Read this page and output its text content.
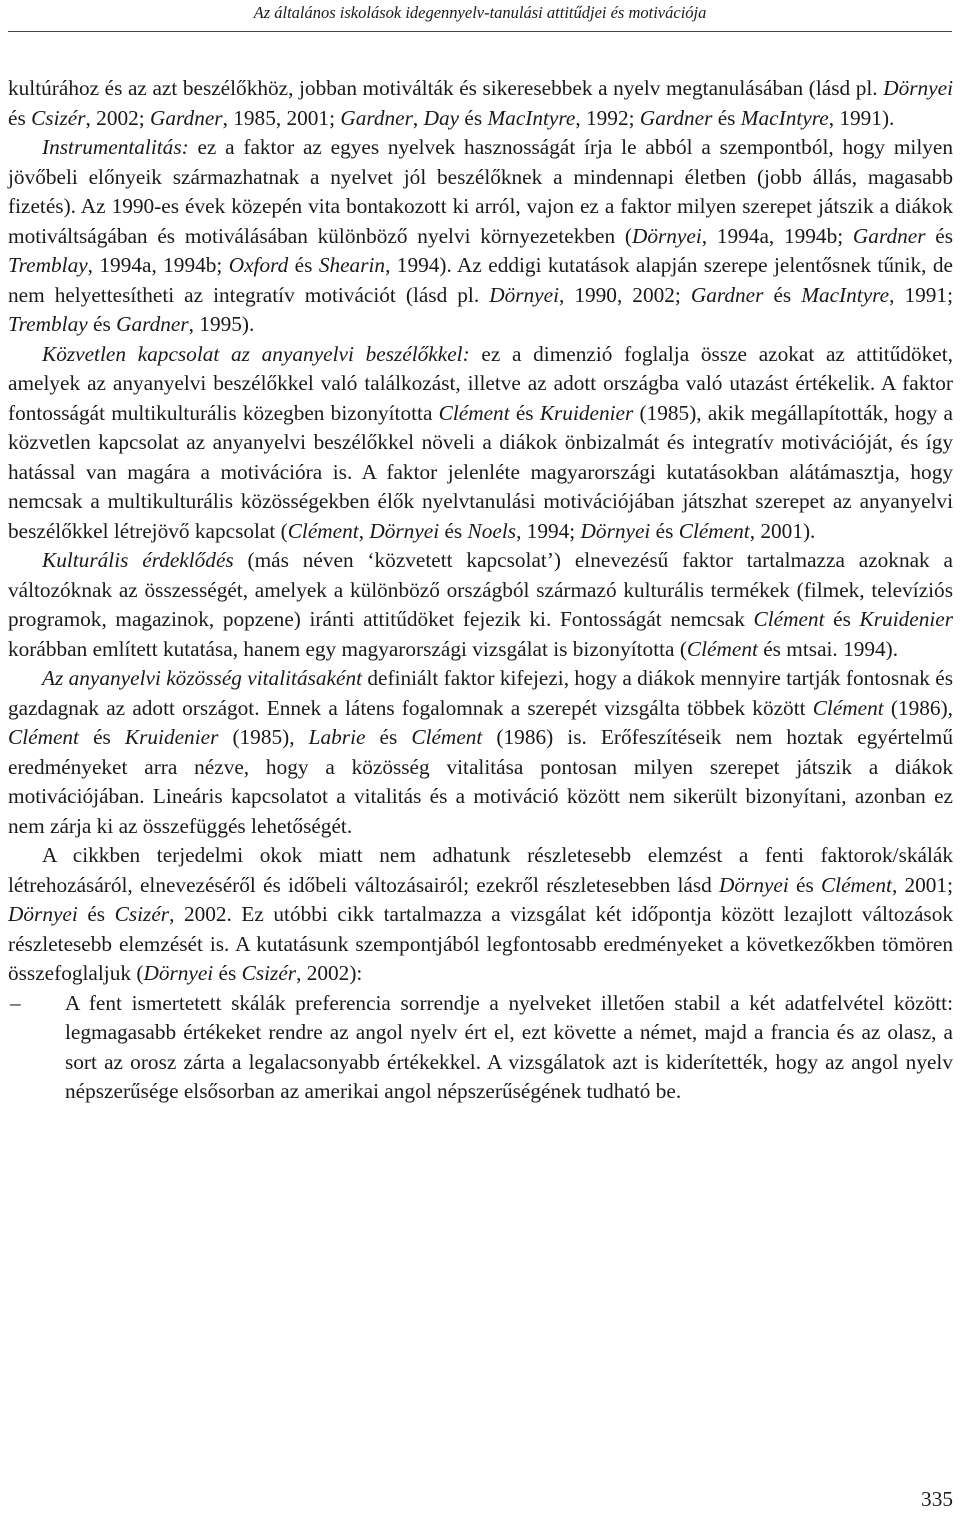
Az általános iskolások idegennyelv-tanulási attitűdjei és motivációja

kultúrához és az azt beszélőkhöz, jobban motiválták és sikeresebbek a nyelv megtanulásában (lásd pl. Dörnyei és Csizér, 2002; Gardner, 1985, 2001; Gardner, Day és MacIntyre, 1992; Gardner és MacIntyre, 1991).

Instrumentalitás: ez a faktor az egyes nyelvek hasznosságát írja le abból a szempontból, hogy milyen jövőbeli előnyeik származhatnak a nyelvet jól beszélőknek a mindennapi életben (jobb állás, magasabb fizetés). Az 1990-es évek közepén vita bontakozott ki arról, vajon ez a faktor milyen szerepet játszik a diákok motiváltságában és motiválásában különböző nyelvi környezetekben (Dörnyei, 1994a, 1994b; Gardner és Tremblay, 1994a, 1994b; Oxford és Shearin, 1994). Az eddigi kutatások alapján szerepe jelentősnek tűnik, de nem helyettesítheti az integratív motivációt (lásd pl. Dörnyei, 1990, 2002; Gardner és MacIntyre, 1991; Tremblay és Gardner, 1995).

Közvetlen kapcsolat az anyanyelvi beszélőkkel: ez a dimenzió foglalja össze azokat az attitűdöket, amelyek az anyanyelvi beszélőkkel való találkozást, illetve az adott országba való utazást értékelik. A faktor fontosságát multikulturális közegben bizonyította Clément és Kruidenier (1985), akik megállapították, hogy a közvetlen kapcsolat az anyanyelvi beszélőkkel növeli a diákok önbizalmát és integratív motivációját, és így hatással van magára a motivációra is. A faktor jelenléte magyarországi kutatásokban alátámasztja, hogy nemcsak a multikulturális közösségekben élők nyelvtanulási motivációjában játszhat szerepet az anyanyelvi beszélőkkel létrejövő kapcsolat (Clément, Dörnyei és Noels, 1994; Dörnyei és Clément, 2001).

Kulturális érdeklődés (más néven ‘közvetett kapcsolat’) elnevezésű faktor tartalmazza azoknak a változóknak az összességét, amelyek a különböző országból származó kulturális termékek (filmek, televíziós programok, magazinok, popzene) iránti attitűdöket fejezik ki. Fontosságát nemcsak Clément és Kruidenier korábban említett kutatása, hanem egy magyarországi vizsgálat is bizonyította (Clément és mtsai. 1994).

Az anyanyelvi közösség vitalitásaként definiált faktor kifejezi, hogy a diákok mennyire tartják fontosnak és gazdagnak az adott országot. Ennek a látens fogalomnak a szerepét vizsgálta többek között Clément (1986), Clément és Kruidenier (1985), Labrie és Clément (1986) is. Erőfeszítéseik nem hoztak egyértelmű eredményeket arra nézve, hogy a közösség vitalitása pontosan milyen szerepet játszik a diákok motivációjában. Lineáris kapcsolatot a vitalitás és a motiváció között nem sikerült bizonyítani, azonban ez nem zárja ki az összefüggés lehetőségét.

A cikkben terjedelmi okok miatt nem adhatunk részletesebb elemzést a fenti faktorok/skálák létrehozásáról, elnevezéséről és időbeli változásairól; ezekről részletesebben lásd Dörnyei és Clément, 2001; Dörnyei és Csizér, 2002. Ez utóbbi cikk tartalmazza a vizsgálat két időpontja között lezajlott változások részletesebb elemzését is. A kutatásunk szempontjából legfontosabb eredményeket a következőkben tömören összefoglaljuk (Dörnyei és Csizér, 2002):

– A fent ismertetett skálák preferencia sorrendje a nyelveket illetően stabil a két adatfelvétel között: legmagasabb értékeket rendre az angol nyelv ért el, ezt követte a német, majd a francia és az olasz, a sort az orosz zárta a legalacsonyabb értékekkel. A vizsgálatok azt is kiderítették, hogy az angol nyelv népszerűsége elsősorban az amerikai angol népszerűségének tudható be.

335
